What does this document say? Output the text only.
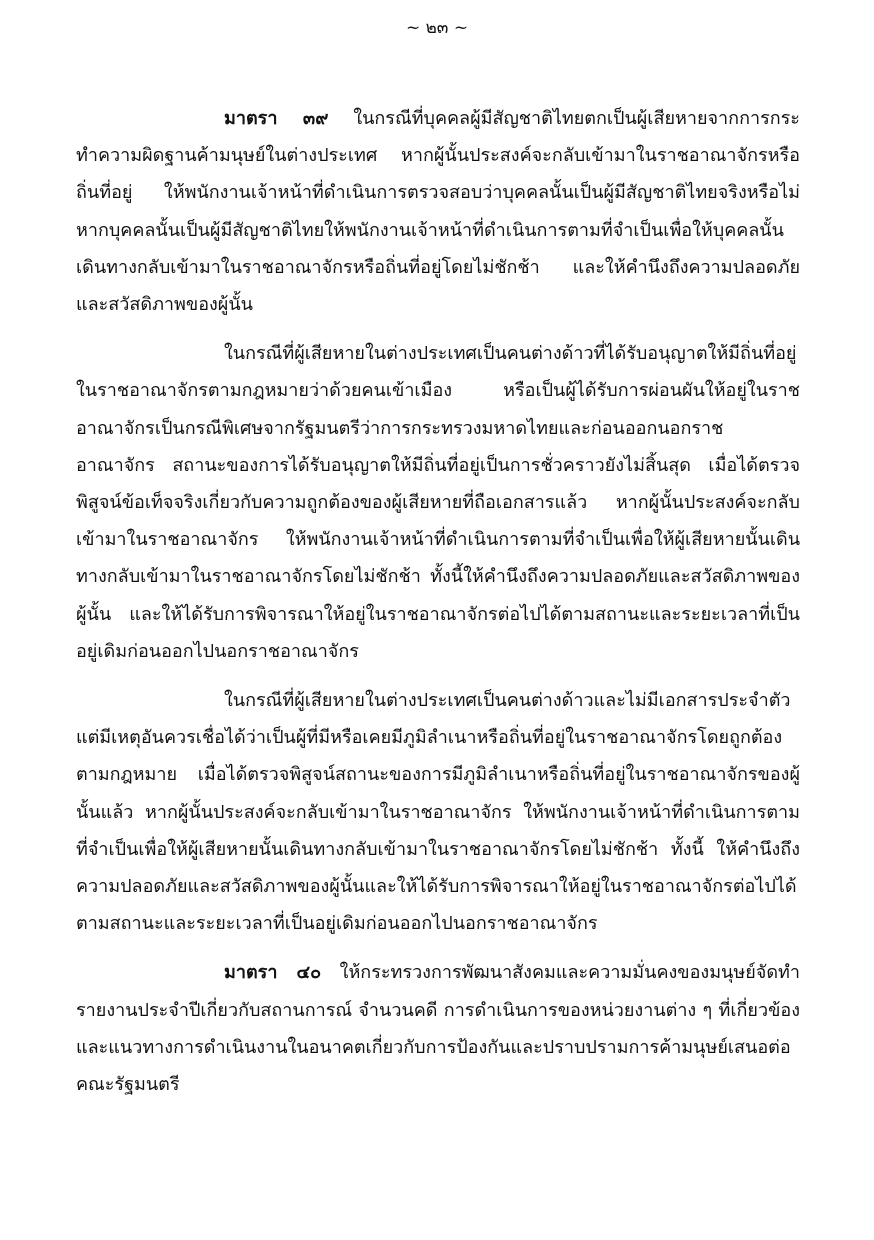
~ ๒๓ ~

มาตรา ๓๙ ในกรณีที่บุคคลผู้มีสัญชาติไทยตกเป็นผู้เสียหายจากการกระทำความผิดฐานค้ามนุษย์ในต่างประเทศ หากผู้นั้นประสงค์จะกลับเข้ามาในราชอาณาจักรหรือถิ่นที่อยู่ ให้พนักงานเจ้าหน้าที่ดำเนินการตรวจสอบว่าบุคคลนั้นเป็นผู้มีสัญชาติไทยจริงหรือไม่ หากบุคคลนั้นเป็นผู้มีสัญชาติไทยให้พนักงานเจ้าหน้าที่ดำเนินการตามที่จำเป็นเพื่อให้บุคคลนั้นเดินทางกลับเข้ามาในราชอาณาจักรหรือถิ่นที่อยู่โดยไม่ชักช้า และให้คำนึงถึงความปลอดภัยและสวัสดิภาพของผู้นั้น

ในกรณีที่ผู้เสียหายในต่างประเทศเป็นคนต่างด้าวที่ได้รับอนุญาตให้มีถิ่นที่อยู่ในราชอาณาจักรตามกฎหมายว่าด้วยคนเข้าเมือง หรือเป็นผู้ได้รับการผ่อนผันให้อยู่ในราชอาณาจักรเป็นกรณีพิเศษจากรัฐมนตรีว่าการกระทรวงมหาดไทยและก่อนออกนอกราชอาณาจักร สถานะของการได้รับอนุญาตให้มีถิ่นที่อยู่เป็นการชั่วคราวยังไม่สิ้นสุด เมื่อได้ตรวจพิสูจน์ข้อเท็จจริงเกี่ยวกับความถูกต้องของผู้เสียหายที่ถือเอกสารแล้ว หากผู้นั้นประสงค์จะกลับเข้ามาในราชอาณาจักร ให้พนักงานเจ้าหน้าที่ดำเนินการตามที่จำเป็นเพื่อให้ผู้เสียหายนั้นเดินทางกลับเข้ามาในราชอาณาจักรโดยไม่ชักช้า ทั้งนี้ให้คำนึงถึงความปลอดภัยและสวัสดิภาพของผู้นั้น และให้ได้รับการพิจารณาให้อยู่ในราชอาณาจักรต่อไปได้ตามสถานะและระยะเวลาที่เป็นอยู่เดิมก่อนออกไปนอกราชอาณาจักร

ในกรณีที่ผู้เสียหายในต่างประเทศเป็นคนต่างด้าวและไม่มีเอกสารประจำตัว แต่มีเหตุอันควรเชื่อได้ว่าเป็นผู้ที่มีหรือเคยมีภูมิลำเนาหรือถิ่นที่อยู่ในราชอาณาจักรโดยถูกต้องตามกฎหมาย เมื่อได้ตรวจพิสูจน์สถานะของการมีภูมิลำเนาหรือถิ่นที่อยู่ในราชอาณาจักรของผู้นั้นแล้ว หากผู้นั้นประสงค์จะกลับเข้ามาในราชอาณาจักร ให้พนักงานเจ้าหน้าที่ดำเนินการตามที่จำเป็นเพื่อให้ผู้เสียหายนั้นเดินทางกลับเข้ามาในราชอาณาจักรโดยไม่ชักช้า ทั้งนี้ ให้คำนึงถึงความปลอดภัยและสวัสดิภาพของผู้นั้นและให้ได้รับการพิจารณาให้อยู่ในราชอาณาจักรต่อไปได้ตามสถานะและระยะเวลาที่เป็นอยู่เดิมก่อนออกไปนอกราชอาณาจักร

มาตรา ๔๐ ให้กระทรวงการพัฒนาสังคมและความมั่นคงของมนุษย์จัดทำรายงานประจำปีเกี่ยวกับสถานการณ์ จำนวนคดี การดำเนินการของหน่วยงานต่าง ๆ ที่เกี่ยวข้อง และแนวทางการดำเนินงานในอนาคตเกี่ยวกับการป้องกันและปราบปรามการค้ามนุษย์เสนอต่อคณะรัฐมนตรี
